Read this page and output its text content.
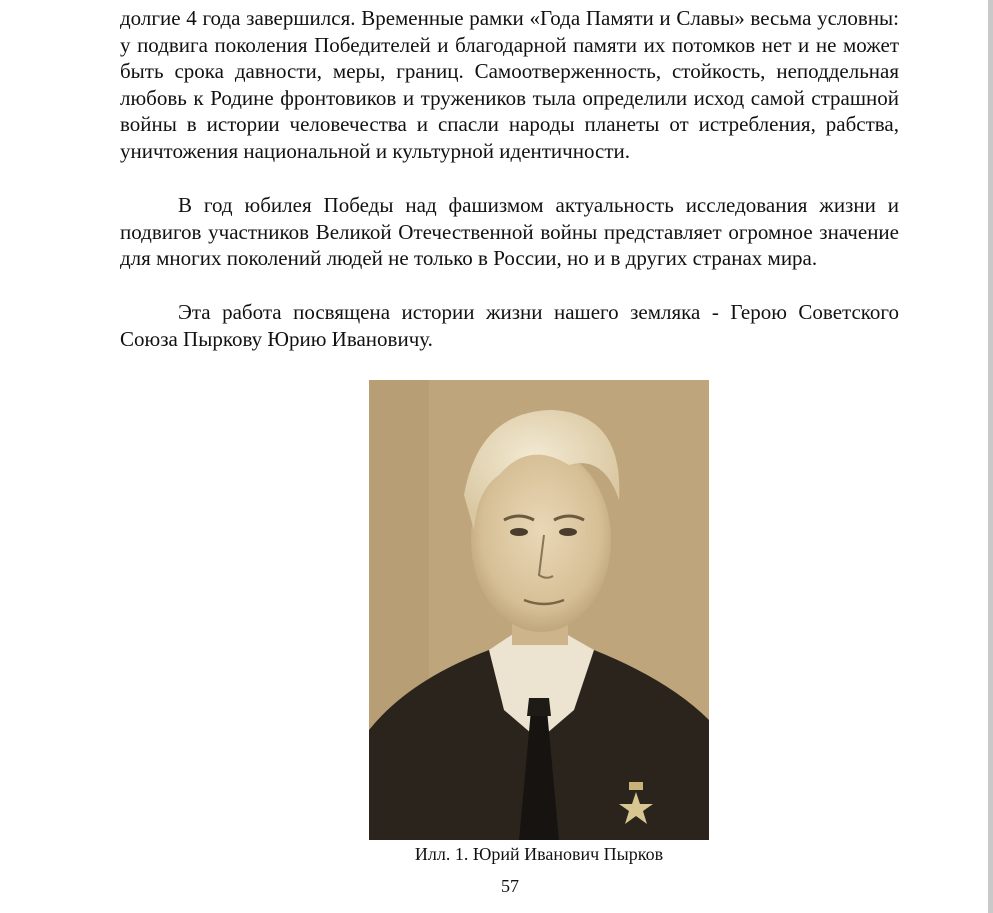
долгие 4 года завершился. Временные рамки «Года Памяти и Славы» весьма условны: у подвига поколения Победителей и благодарной памяти их потомков нет и не может быть срока давности, меры, границ. Самоотверженность, стойкость, неподдельная любовь к Родине фронтовиков и тружеников тыла определили исход самой страшной войны в истории человечества и спасли народы планеты от истребления, рабства, уничтожения национальной и культурной идентичности.

В год юбилея Победы над фашизмом актуальность исследования жизни и подвигов участников Великой Отечественной войны представляет огромное значение для многих поколений людей не только в России, но и в других странах мира.

Эта работа посвящена истории жизни нашего земляка - Герою Советского Союза Пыркову Юрию Ивановичу.

Илл. 1. Юрий Иванович Пырков
57
